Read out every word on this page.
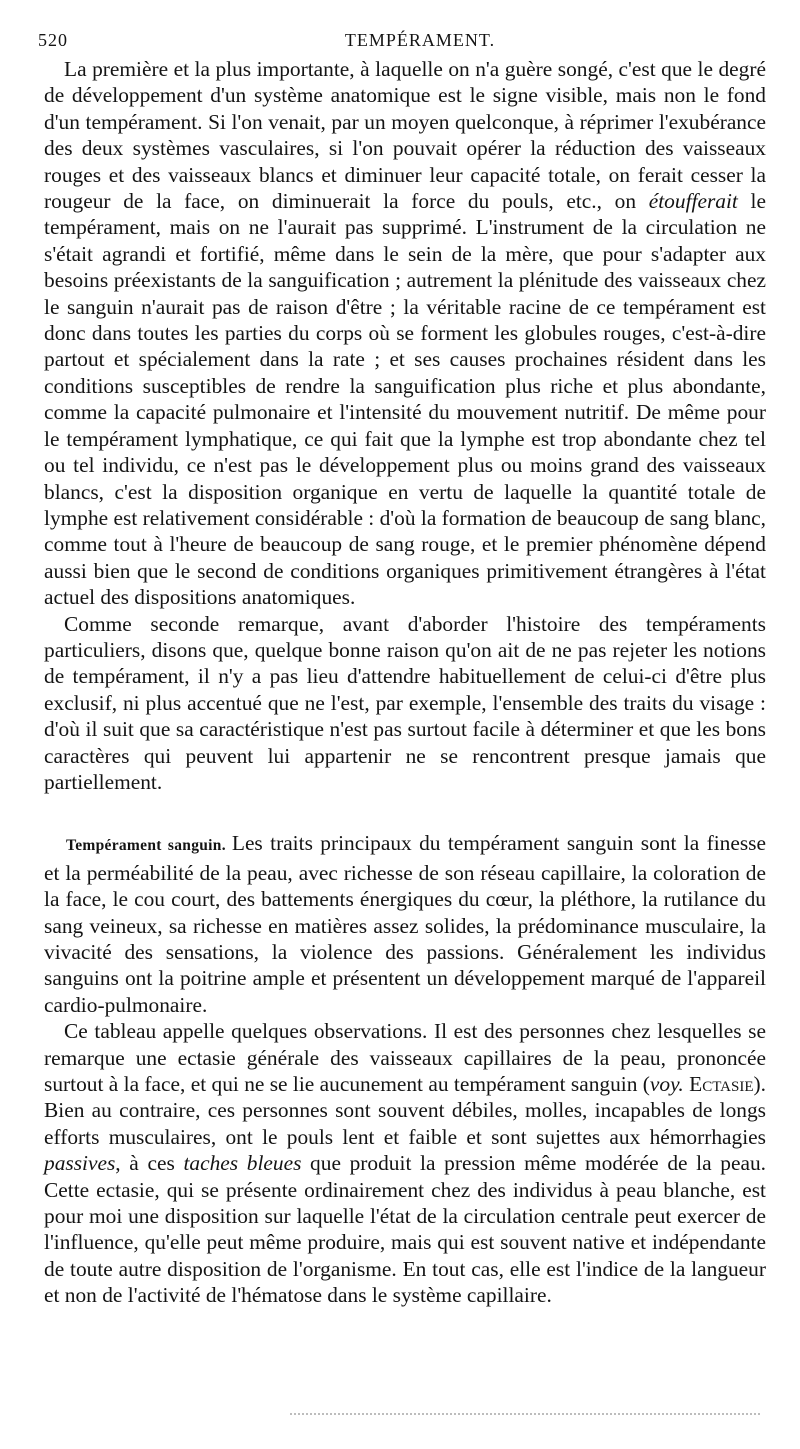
520	TEMPÉRAMENT.

La première et la plus importante, à laquelle on n'a guère songé, c'est que le degré de développement d'un système anatomique est le signe visible, mais non le fond d'un tempérament. Si l'on venait, par un moyen quelconque, à réprimer l'exubérance des deux systèmes vasculaires, si l'on pouvait opérer la réduction des vaisseaux rouges et des vaisseaux blancs et diminuer leur capacité totale, on ferait cesser la rougeur de la face, on diminuerait la force du pouls, etc., on étoufferait le tempérament, mais on ne l'aurait pas supprimé. L'instrument de la circulation ne s'était agrandi et fortifié, même dans le sein de la mère, que pour s'adapter aux besoins préexistants de la sanguification ; autrement la plénitude des vaisseaux chez le sanguin n'aurait pas de raison d'être ; la véritable racine de ce tempérament est donc dans toutes les parties du corps où se forment les globules rouges, c'est-à-dire partout et spécialement dans la rate ; et ses causes prochaines résident dans les conditions susceptibles de rendre la sanguification plus riche et plus abondante, comme la capacité pulmonaire et l'intensité du mouvement nutritif. De même pour le tempérament lymphatique, ce qui fait que la lymphe est trop abondante chez tel ou tel individu, ce n'est pas le développement plus ou moins grand des vaisseaux blancs, c'est la disposition organique en vertu de laquelle la quantité totale de lymphe est relativement considérable : d'où la formation de beaucoup de sang blanc, comme tout à l'heure de beaucoup de sang rouge, et le premier phénomène dépend aussi bien que le second de conditions organiques primitivement étrangères à l'état actuel des dispositions anatomiques.

Comme seconde remarque, avant d'aborder l'histoire des tempéraments particuliers, disons que, quelque bonne raison qu'on ait de ne pas rejeter les notions de tempérament, il n'y a pas lieu d'attendre habituellement de celui-ci d'être plus exclusif, ni plus accentué que ne l'est, par exemple, l'ensemble des traits du visage : d'où il suit que sa caractéristique n'est pas surtout facile à déterminer et que les bons caractères qui peuvent lui appartenir ne se rencontrent presque jamais que partiellement.

Tempérament sanguin. Les traits principaux du tempérament sanguin sont la finesse et la perméabilité de la peau, avec richesse de son réseau capillaire, la coloration de la face, le cou court, des battements énergiques du cœur, la pléthore, la rutilance du sang veineux, sa richesse en matières assez solides, la prédominance musculaire, la vivacité des sensations, la violence des passions. Généralement les individus sanguins ont la poitrine ample et présentent un développement marqué de l'appareil cardio-pulmonaire.

Ce tableau appelle quelques observations. Il est des personnes chez lesquelles se remarque une ectasie générale des vaisseaux capillaires de la peau, prononcée surtout à la face, et qui ne se lie aucunement au tempérament sanguin (voy. Ectasie). Bien au contraire, ces personnes sont souvent débiles, molles, incapables de longs efforts musculaires, ont le pouls lent et faible et sont sujettes aux hémorrhagies passives, à ces taches bleues que produit la pression même modérée de la peau. Cette ectasie, qui se présente ordinairement chez des individus à peau blanche, est pour moi une disposition sur laquelle l'état de la circulation centrale peut exercer de l'influence, qu'elle peut même produire, mais qui est souvent native et indépendante de toute autre disposition de l'organisme. En tout cas, elle est l'indice de la langueur et non de l'activité de l'hématose dans le système capillaire.
